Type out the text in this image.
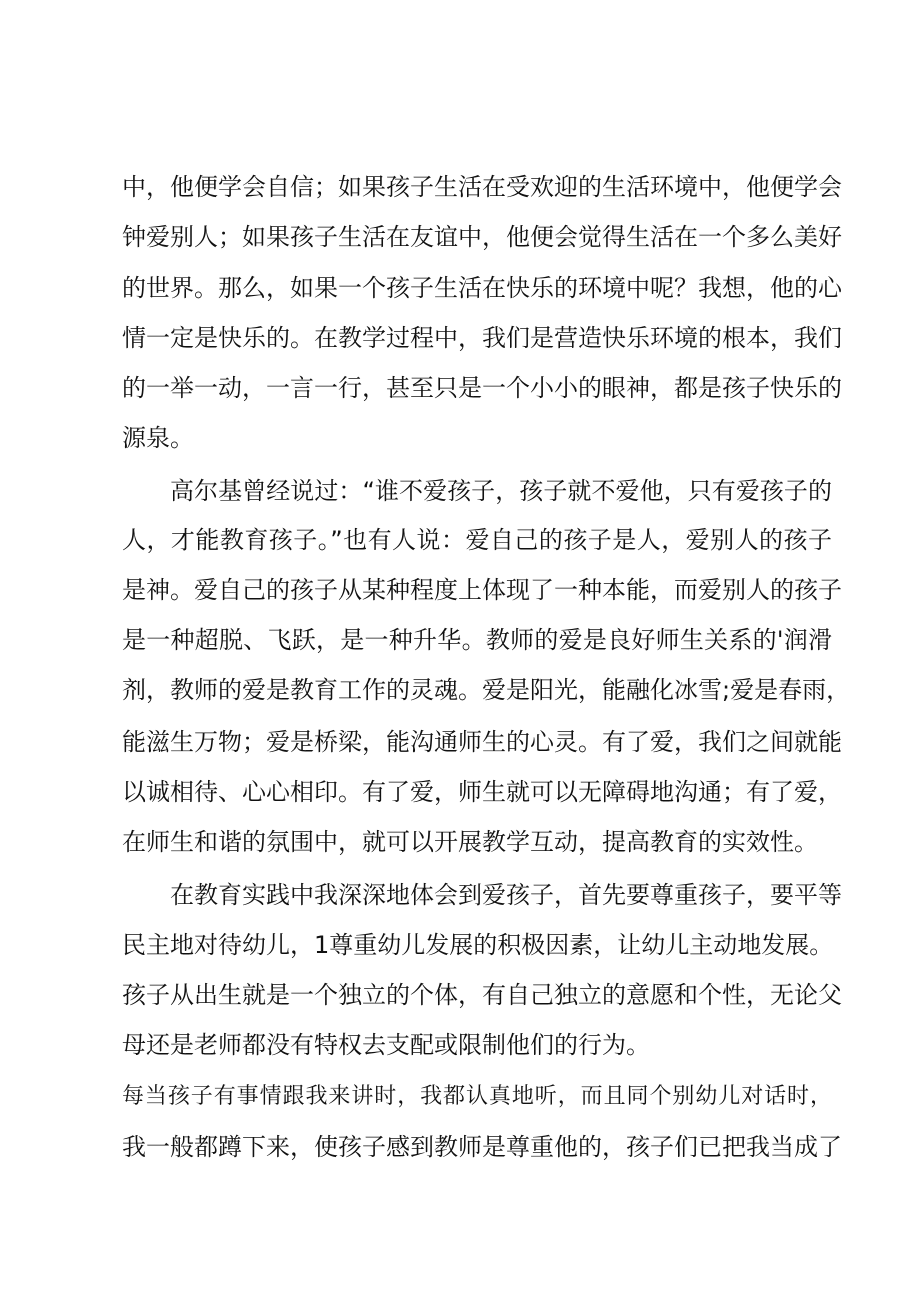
中，他便学会自信；如果孩子生活在受欢迎的生活环境中，他便学会
钟爱别人；如果孩子生活在友谊中，他便会觉得生活在一个多么美好
的世界。那么，如果一个孩子生活在快乐的环境中呢？我想，他的心
情一定是快乐的。在教学过程中，我们是营造快乐环境的根本，我们
的一举一动，一言一行，甚至只是一个小小的眼神，都是孩子快乐的
源泉。
高尔基曾经说过：“谁不爱孩子，孩子就不爱他，只有爱孩子的
人，才能教育孩子。”也有人说：爱自己的孩子是人，爱别人的孩子
是神。爱自己的孩子从某种程度上体现了一种本能，而爱别人的孩子
是一种超脱、飞跃，是一种升华。教师的爱是良好师生关系的'润滑
剂，教师的爱是教育工作的灵魂。爱是阳光，能融化冰雪;爱是春雨，
能滋生万物；爱是桥梁，能沟通师生的心灵。有了爱，我们之间就能
以诚相待、心心相印。有了爱，师生就可以无障碍地沟通；有了爱，
在师生和谐的氛围中，就可以开展教学互动，提高教育的实效性。
在教育实践中我深深地体会到爱孩子，首先要尊重孩子，要平等
民主地对待幼儿，1尊重幼儿发展的积极因素，让幼儿主动地发展。
孩子从出生就是一个独立的个体，有自己独立的意愿和个性，无论父
母还是老师都没有特权去支配或限制他们的行为。
每当孩子有事情跟我来讲时，我都认真地听，而且同个别幼儿对话时，
我一般都蹲下来，使孩子感到教师是尊重他的，孩子们已把我当成了
